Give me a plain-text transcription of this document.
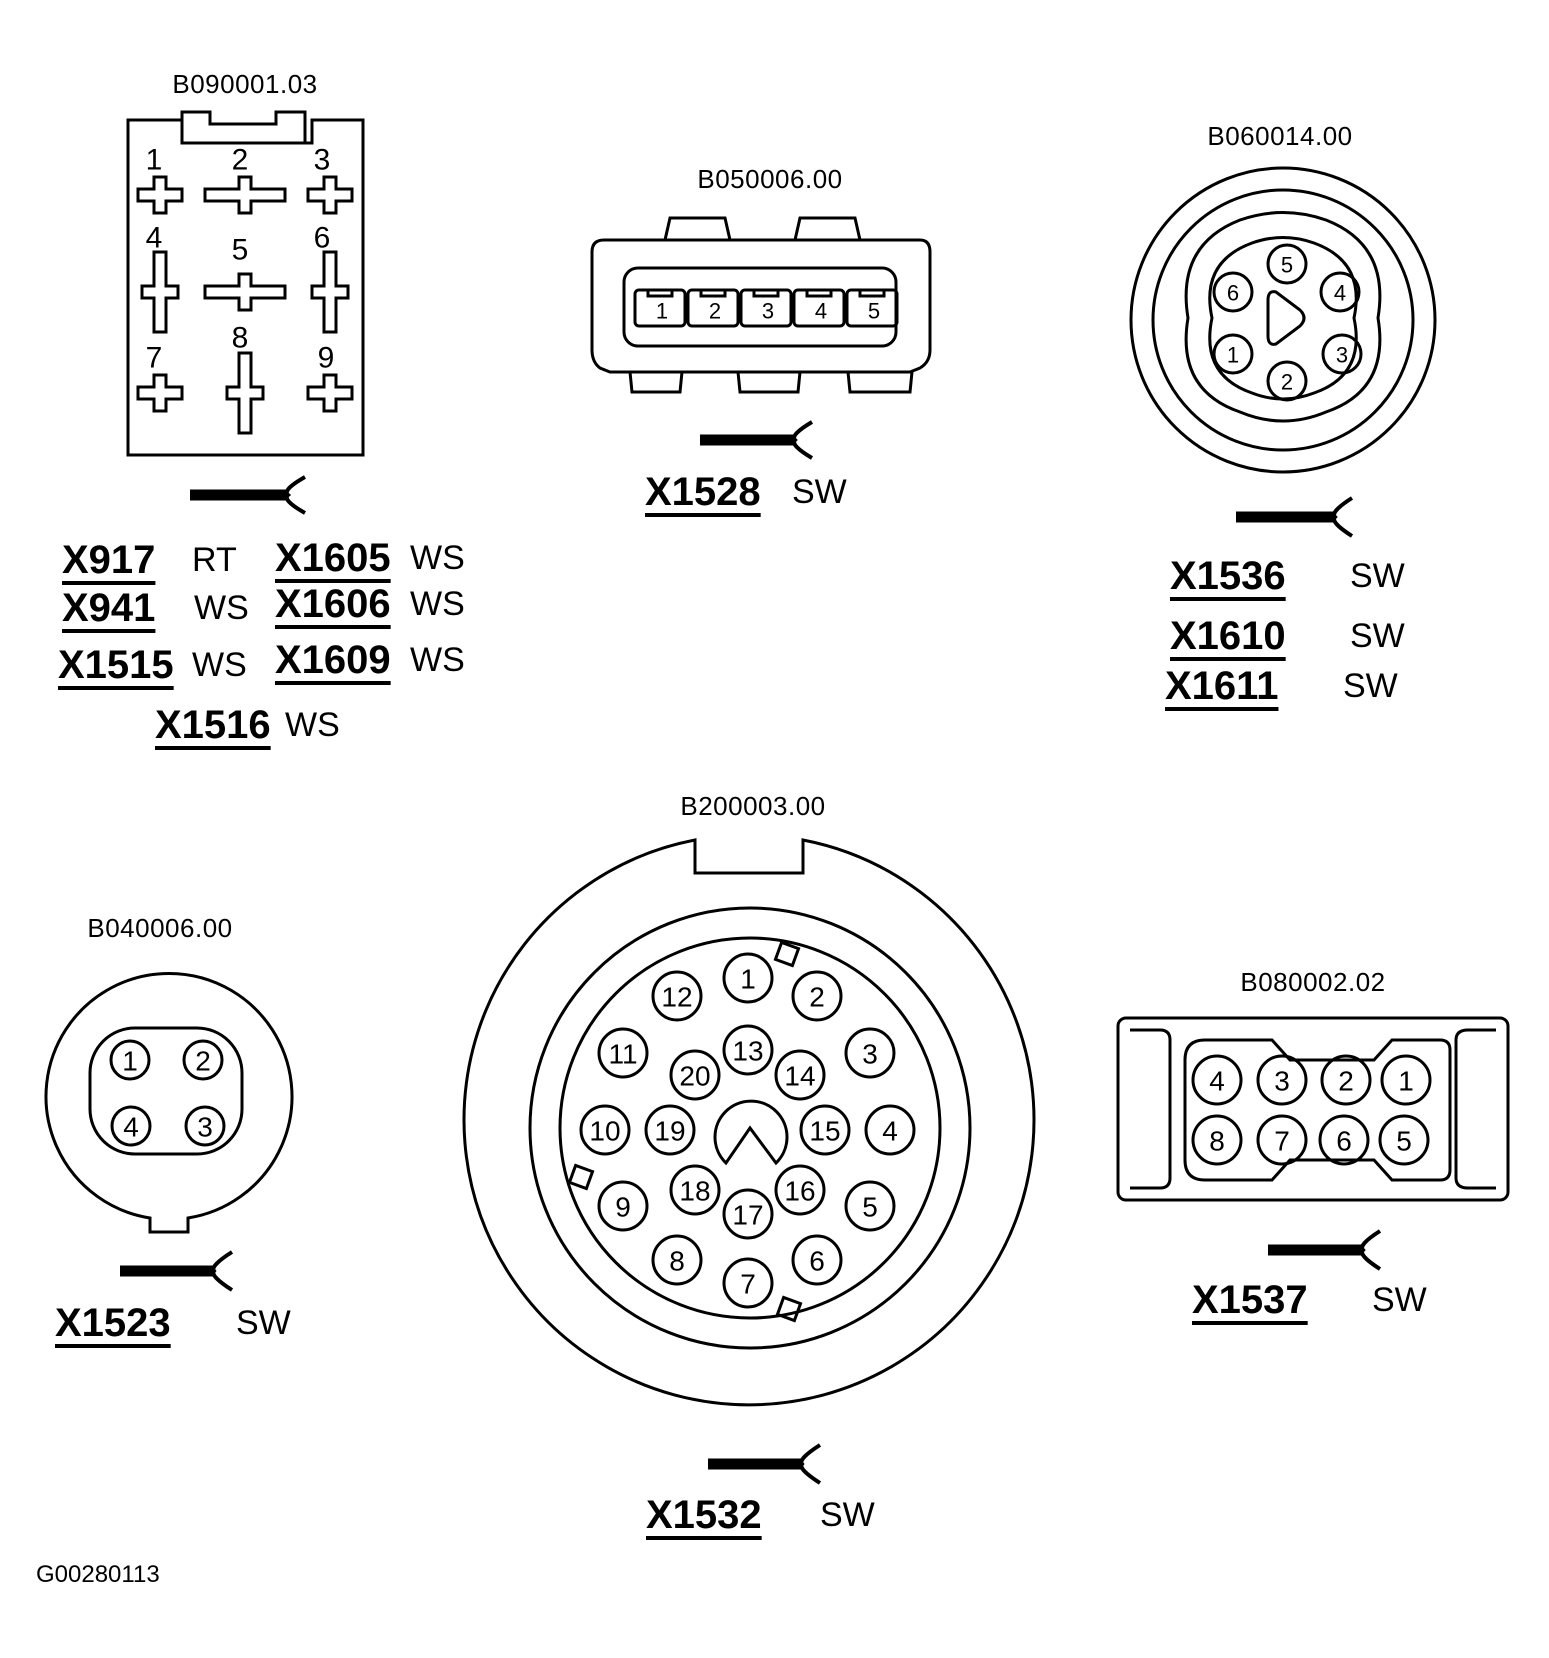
B090001.03
1 2 3
4 5 6
7
8
9
X917 RT
X941 WS
X1515 WS
X1605 WS
X1606 WS
X1609 WS
X1516 WS
B050006.00
1 2 3 4 5
X1528 SW
B060014.00
1
2
3
4
5
6
X1536 SW
X1610 SW
X1611 SW
B040006.00
1 2
3
4
X1523 SW
B200003.00
1
2
3
4
5
6
7
8
9
10
11
12
13
14
15
16
17
18
19
20
X1532 SW
B080002.02
1
2
3
4
5
6
7
8
X1537 SW
G00280113
